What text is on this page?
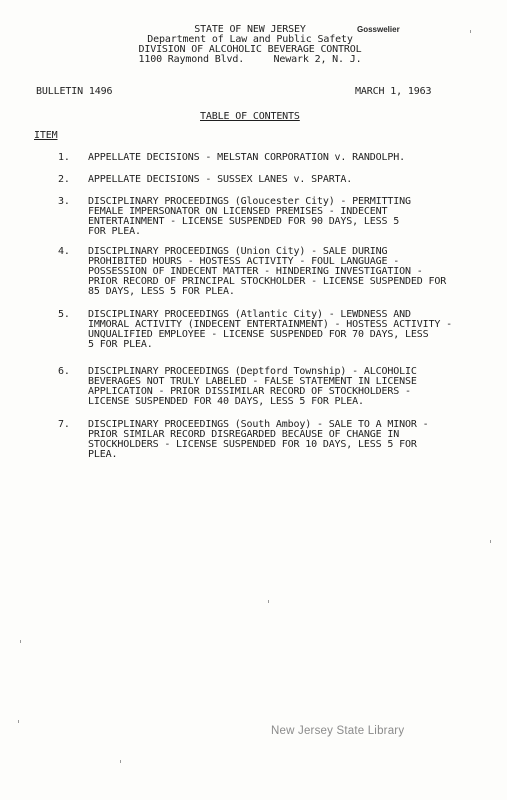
STATE OF NEW JERSEY	Gosswelier
Department of Law and Public Safety
DIVISION OF ALCOHOLIC BEVERAGE CONTROL
1100 Raymond Blvd.     Newark 2, N. J.
BULLETIN 1496	MARCH 1, 1963
TABLE OF CONTENTS
ITEM
1. APPELLATE DECISIONS - MELSTAN CORPORATION v. RANDOLPH.
2. APPELLATE DECISIONS - SUSSEX LANES v. SPARTA.
3. DISCIPLINARY PROCEEDINGS (Gloucester City) - PERMITTING
FEMALE IMPERSONATOR ON LICENSED PREMISES - INDECENT
ENTERTAINMENT - LICENSE SUSPENDED FOR 90 DAYS, LESS 5
FOR PLEA.
4. DISCIPLINARY PROCEEDINGS (Union City) - SALE DURING
PROHIBITED HOURS - HOSTESS ACTIVITY - FOUL LANGUAGE -
POSSESSION OF INDECENT MATTER - HINDERING INVESTIGATION -
PRIOR RECORD OF PRINCIPAL STOCKHOLDER - LICENSE SUSPENDED FOR
85 DAYS, LESS 5 FOR PLEA.
5. DISCIPLINARY PROCEEDINGS (Atlantic City) - LEWDNESS AND
IMMORAL ACTIVITY (INDECENT ENTERTAINMENT) - HOSTESS ACTIVITY -
UNQUALIFIED EMPLOYEE - LICENSE SUSPENDED FOR 70 DAYS, LESS
5 FOR PLEA.
6. DISCIPLINARY PROCEEDINGS (Deptford Township) - ALCOHOLIC
BEVERAGES NOT TRULY LABELED - FALSE STATEMENT IN LICENSE
APPLICATION - PRIOR DISSIMILAR RECORD OF STOCKHOLDERS -
LICENSE SUSPENDED FOR 40 DAYS, LESS 5 FOR PLEA.
7. DISCIPLINARY PROCEEDINGS (South Amboy) - SALE TO A MINOR -
PRIOR SIMILAR RECORD DISREGARDED BECAUSE OF CHANGE IN
STOCKHOLDERS - LICENSE SUSPENDED FOR 10 DAYS, LESS 5 FOR
PLEA.
New Jersey State Library
